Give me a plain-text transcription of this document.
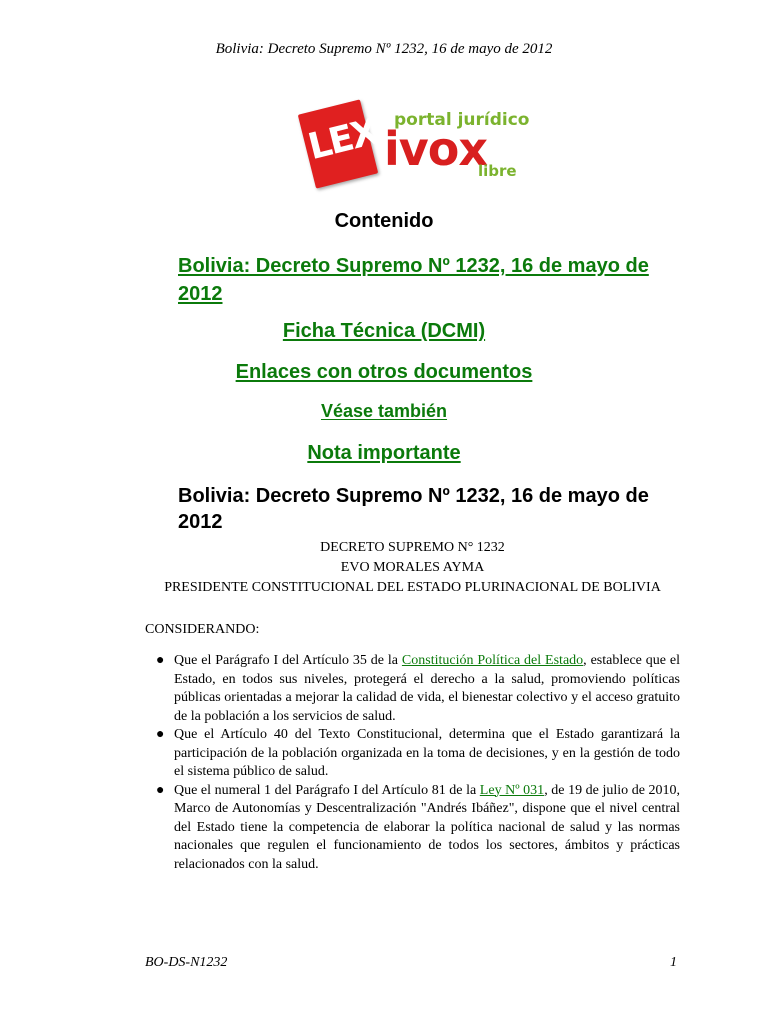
Bolivia: Decreto Supremo Nº 1232, 16 de mayo de 2012
LEX portal jurídico
ivox
libre
Contenido
Bolivia: Decreto Supremo Nº 1232, 16 de mayo de 2012
Ficha Técnica (DCMI)
Enlaces con otros documentos
Véase también
Nota importante
Bolivia: Decreto Supremo Nº 1232, 16 de mayo de 2012
DECRETO SUPREMO N° 1232
EVO MORALES AYMA
PRESIDENTE CONSTITUCIONAL DEL ESTADO PLURINACIONAL DE BOLIVIA
CONSIDERANDO:
● Que el Parágrafo I del Artículo 35 de la Constitución Política del Estado, establece que el Estado, en todos sus niveles, protegerá el derecho a la salud, promoviendo políticas públicas orientadas a mejorar la calidad de vida, el bienestar colectivo y el acceso gratuito de la población a los servicios de salud.
● Que el Artículo 40 del Texto Constitucional, determina que el Estado garantizará la participación de la población organizada en la toma de decisiones, y en la gestión de todo el sistema público de salud.
● Que el numeral 1 del Parágrafo I del Artículo 81 de la Ley Nº 031, de 19 de julio de 2010, Marco de Autonomías y Descentralización "Andrés Ibáñez", dispone que el nivel central del Estado tiene la competencia de elaborar la política nacional de salud y las normas nacionales que regulen el funcionamiento de todos los sectores, ámbitos y prácticas relacionados con la salud.
BO-DS-N1232	1
